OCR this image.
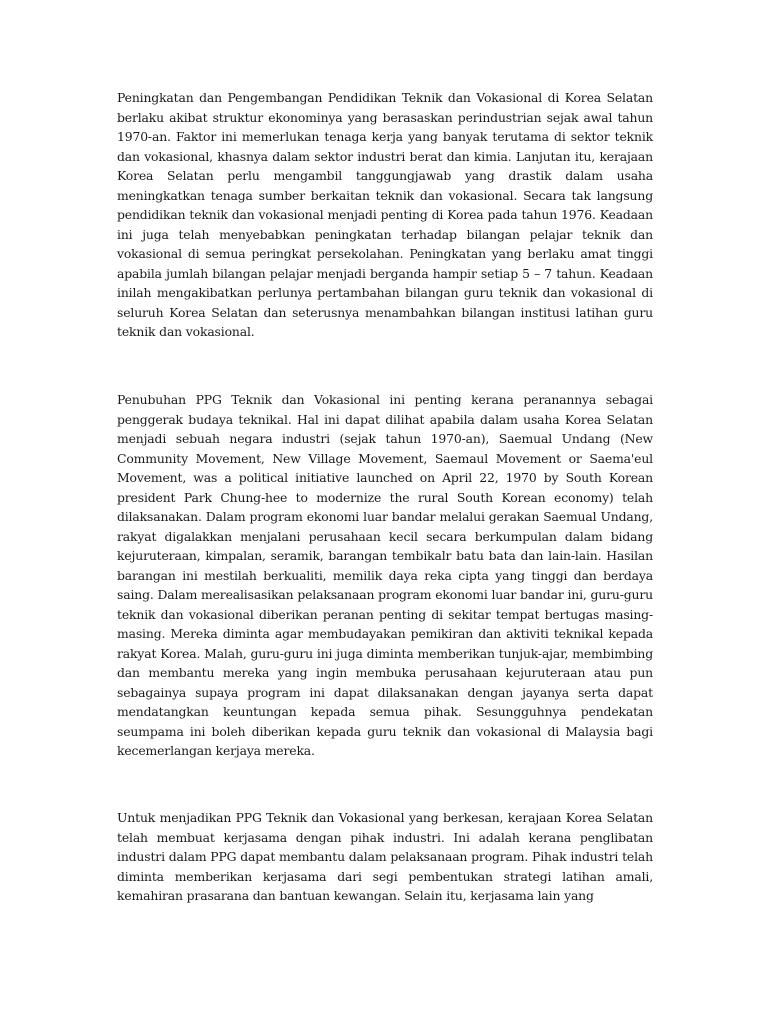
Peningkatan dan Pengembangan Pendidikan Teknik dan Vokasional di Korea Selatan berlaku akibat struktur ekonominya yang berasaskan perindustrian sejak awal tahun 1970-an. Faktor ini memerlukan tenaga kerja yang banyak terutama di sektor teknik dan vokasional, khasnya dalam sektor industri berat dan kimia. Lanjutan itu, kerajaan Korea Selatan perlu mengambil tanggungjawab yang drastik dalam usaha meningkatkan tenaga sumber berkaitan teknik dan vokasional. Secara tak langsung pendidikan teknik dan vokasional menjadi penting di Korea pada tahun 1976. Keadaan ini juga telah menyebabkan peningkatan terhadap bilangan pelajar teknik dan vokasional di semua peringkat persekolahan. Peningkatan yang berlaku amat tinggi apabila jumlah bilangan pelajar menjadi berganda hampir setiap 5 – 7 tahun. Keadaan inilah mengakibatkan perlunya pertambahan bilangan guru teknik dan vokasional di seluruh Korea Selatan dan seterusnya menambahkan bilangan institusi latihan guru teknik dan vokasional.

Penubuhan PPG Teknik dan Vokasional ini penting kerana peranannya sebagai penggerak budaya teknikal. Hal ini dapat dilihat apabila dalam usaha Korea Selatan menjadi sebuah negara industri (sejak tahun 1970-an), Saemual Undang (New Community Movement, New Village Movement, Saemaul Movement or Saema'eul Movement, was a political initiative launched on April 22, 1970 by South Korean president Park Chung-hee to modernize the rural South Korean economy) telah dilaksanakan. Dalam program ekonomi luar bandar melalui gerakan Saemual Undang, rakyat digalakkan menjalani perusahaan kecil secara berkumpulan dalam bidang kejuruteraan, kimpalan, seramik, barangan tembikalr batu bata dan lain-lain. Hasilan barangan ini mestilah berkualiti, memilik daya reka cipta yang tinggi dan berdaya saing. Dalam merealisasikan pelaksanaan program ekonomi luar bandar ini, guru-guru teknik dan vokasional diberikan peranan penting di sekitar tempat bertugas masing-masing. Mereka diminta agar membudayakan pemikiran dan aktiviti teknikal kepada rakyat Korea. Malah, guru-guru ini juga diminta memberikan tunjuk-ajar, membimbing dan membantu mereka yang ingin membuka perusahaan kejuruteraan atau pun sebagainya supaya program ini dapat dilaksanakan dengan jayanya serta dapat mendatangkan keuntungan kepada semua pihak. Sesungguhnya pendekatan seumpama ini boleh diberikan kepada guru teknik dan vokasional di Malaysia bagi kecemerlangan kerjaya mereka.

Untuk menjadikan PPG Teknik dan Vokasional yang berkesan, kerajaan Korea Selatan telah membuat kerjasama dengan pihak industri. Ini adalah kerana penglibatan industri dalam PPG dapat membantu dalam pelaksanaan program. Pihak industri telah diminta memberikan kerjasama dari segi pembentukan strategi latihan amali, kemahiran prasarana dan bantuan kewangan. Selain itu, kerjasama lain yang
